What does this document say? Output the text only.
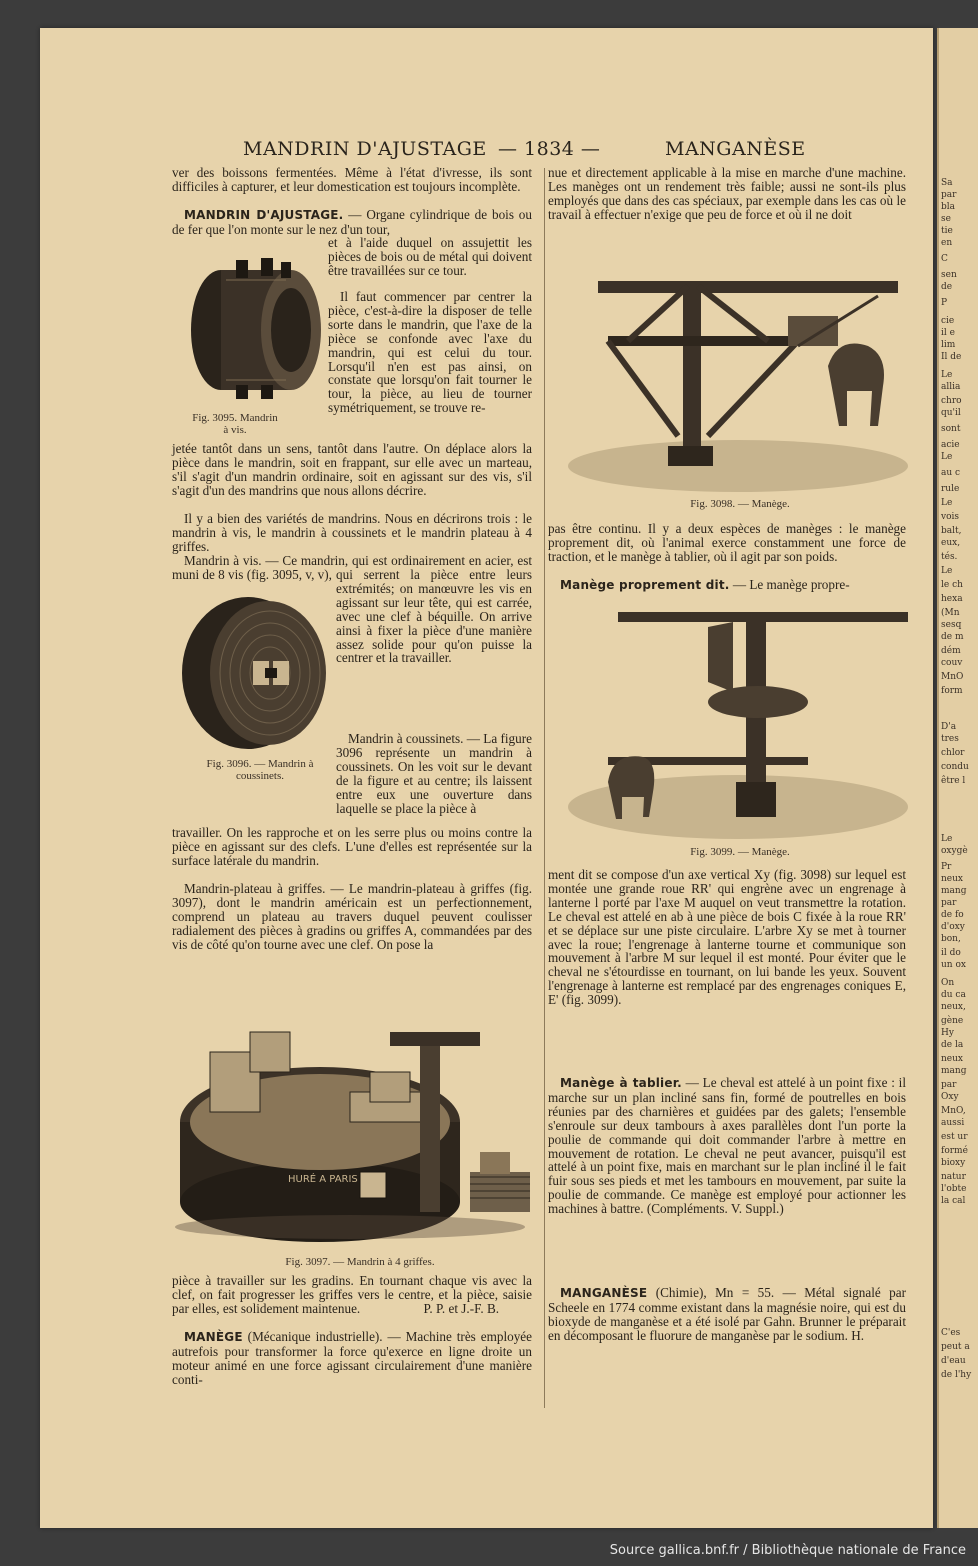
MANDRIN D'AJUSTAGE — 1834 —	MANGANÈSE
ver des boissons fermentées. Même à l'état d'ivresse, ils sont difficiles à capturer, et leur domestication est toujours incomplète.
MANDRIN D'AJUSTAGE. — Organe cylindrique de bois ou de fer que l'on monte sur le nez d'un tour,
et à l'aide duquel on assujettit les pièces de bois ou de métal qui doivent être travaillées sur ce tour.
Fig. 3095. Mandrin à vis.
Il faut commencer par centrer la pièce, c'est-à-dire la disposer de telle sorte dans le mandrin, que l'axe de la pièce se confonde avec l'axe du mandrin, qui est celui du tour. Lorsqu'il n'en est pas ainsi, on constate que lorsqu'on fait tourner le tour, la pièce, au lieu de tourner symétriquement, se trouve re-
jetée tantôt dans un sens, tantôt dans l'autre. On déplace alors la pièce dans le mandrin, soit en frappant, sur elle avec un marteau, s'il s'agit d'un mandrin ordinaire, soit en agissant sur des vis, s'il s'agit d'un des mandrins que nous allons décrire.
Il y a bien des variétés de mandrins. Nous en décrirons trois : le mandrin à vis, le mandrin à coussinets et le mandrin plateau à 4 griffes.
Mandrin à vis. — Ce mandrin, qui est ordinairement en acier, est muni de 8 vis (fig. 3095, v, v),
Fig. 3096. — Mandrin à coussinets.
qui serrent la pièce entre leurs extrémités; on manœuvre les vis en agissant sur leur tête, qui est carrée, avec une clef à béquille. On arrive ainsi à fixer la pièce d'une manière assez solide pour qu'on puisse la centrer et la travailler.
Mandrin à coussinets. — La figure 3096 représente un mandrin à coussinets. On les voit sur le devant de la figure et au centre; ils laissent entre eux une ouverture dans laquelle se place la pièce à
travailler. On les rapproche et on les serre plus ou moins contre la pièce en agissant sur des clefs. L'une d'elles est représentée sur la surface latérale du mandrin.
Mandrin-plateau à griffes. — Le mandrin-plateau à griffes (fig. 3097), dont le mandrin américain est un perfectionnement, comprend un plateau au travers duquel peuvent coulisser radialement des pièces à gradins ou griffes A, commandées par des vis de côté qu'on tourne avec une clef. On pose la
HURÉ A PARIS
Fig. 3097. — Mandrin à 4 griffes.
pièce à travailler sur les gradins. En tournant chaque vis avec la clef, on fait progresser les griffes vers le centre, et la pièce, saisie par elles, est solidement maintenue.	P. P. et J.-F. B.
MANÈGE (Mécanique industrielle). — Machine très employée autrefois pour transformer la force qu'exerce en ligne droite un moteur animé en une force agissant circulairement d'une manière conti-
nue et directement applicable à la mise en marche d'une machine. Les manèges ont un rendement très faible; aussi ne sont-ils plus employés que dans des cas spéciaux, par exemple dans les cas où le travail à effectuer n'exige que peu de force et où il ne doit
Fig. 3098. — Manège.
pas être continu. Il y a deux espèces de manèges : le manège proprement dit, où l'animal exerce constamment une force de traction, et le manège à tablier, où il agit par son poids.
Manège proprement dit. — Le manège propre-
Fig. 3099. — Manège.
ment dit se compose d'un axe vertical Xy (fig. 3098) sur lequel est montée une grande roue RR' qui engrène avec un engrenage à lanterne l porté par l'axe M auquel on veut transmettre la rotation. Le cheval est attelé en ab à une pièce de bois C fixée à la roue RR' et se déplace sur une piste circulaire. L'arbre Xy se met à tourner avec la roue; l'engrenage à lanterne tourne et communique son mouvement à l'arbre M sur lequel il est monté. Pour éviter que le cheval ne s'étourdisse en tournant, on lui bande les yeux. Souvent l'engrenage à lanterne est remplacé par des engrenages coniques E, E' (fig. 3099).
Manège à tablier. — Le cheval est attelé à un point fixe : il marche sur un plan incliné sans fin, formé de poutrelles en bois réunies par des charnières et guidées par des galets; l'ensemble s'enroule sur deux tambours à axes parallèles dont l'un porte la poulie de commande qui doit commander l'arbre à mettre en mouvement de rotation. Le cheval ne peut avancer, puisqu'il est attelé à un point fixe, mais en marchant sur le plan incliné il le fait fuir sous ses pieds et met les tambours en mouvement, par suite la poulie de commande. Ce manège est employé pour actionner les machines à battre. (Compléments. V. Suppl.)
MANGANÈSE (Chimie), Mn = 55. — Métal signalé par Scheele en 1774 comme existant dans la magnésie noire, qui est du bioxyde de manganèse et a été isolé par Gahn. Brunner le préparait en décomposant le fluorure de manganèse par le sodium. H.
Sa
par
bla
se
tie
en
C
sen
de
P
cie
il e
lim
Il de
Le
allia
chro
qu'il
sont
acie
Le
au c
rule
Le
vois
balt,
eux,
tés.
Le
le ch
hexa
(Mn
sesq
de m
dém
couv
MnO
form
D'a
tres
chlor
condu
être l
Le
oxygè
Pr
neux
mang
par
de fo
d'oxy
bon,
il do
un ox
On
du ca
neux,
gène
Hy
de la
neux
mang
par
Oxy
MnO,
aussi
est ur
formé
bioxy
natur
l'obte
la cal
C'es
peut a
d'eau
de l'hy
Source gallica.bnf.fr / Bibliothèque nationale de France
